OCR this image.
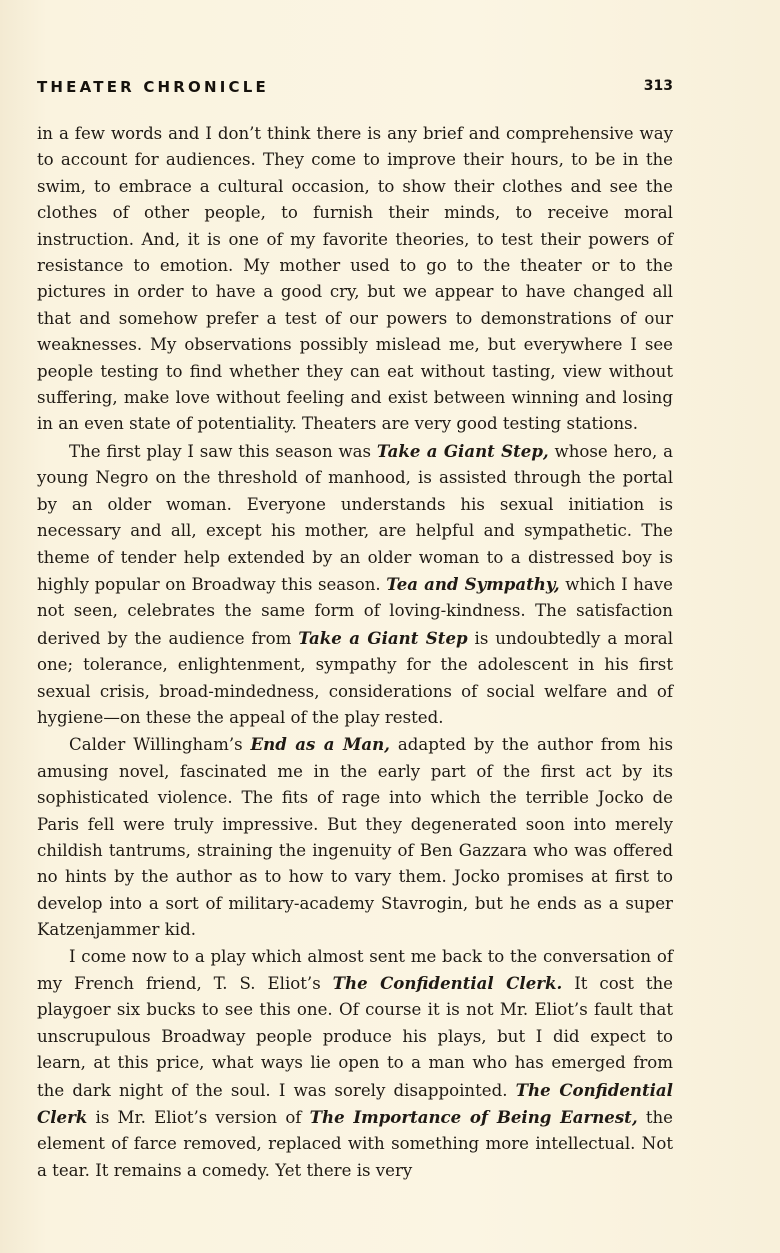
THEATER CHRONICLE	313

in a few words and I don’t think there is any brief and comprehensive way to account for audiences. They come to improve their hours, to be in the swim, to embrace a cultural occasion, to show their clothes and see the clothes of other people, to furnish their minds, to receive moral instruction. And, it is one of my favorite theories, to test their powers of resistance to emotion. My mother used to go to the theater or to the pictures in order to have a good cry, but we appear to have changed all that and somehow prefer a test of our powers to demonstrations of our weaknesses. My observations possibly mislead me, but everywhere I see people testing to find whether they can eat without tasting, view without suffering, make love without feeling and exist between winning and losing in an even state of potentiality. Theaters are very good testing stations.

The first play I saw this season was Take a Giant Step, whose hero, a young Negro on the threshold of manhood, is assisted through the portal by an older woman. Everyone understands his sexual initiation is necessary and all, except his mother, are helpful and sympathetic. The theme of tender help extended by an older woman to a distressed boy is highly popular on Broadway this season. Tea and Sympathy, which I have not seen, celebrates the same form of loving-kindness. The satisfaction derived by the audience from Take a Giant Step is undoubtedly a moral one; tolerance, enlightenment, sympathy for the adolescent in his first sexual crisis, broad-mindedness, considerations of social welfare and of hygiene—on these the appeal of the play rested.

Calder Willingham’s End as a Man, adapted by the author from his amusing novel, fascinated me in the early part of the first act by its sophisticated violence. The fits of rage into which the terrible Jocko de Paris fell were truly impressive. But they degenerated soon into merely childish tantrums, straining the ingenuity of Ben Gazzara who was offered no hints by the author as to how to vary them. Jocko promises at first to develop into a sort of military-academy Stavrogin, but he ends as a super Katzenjammer kid.

I come now to a play which almost sent me back to the conversation of my French friend, T. S. Eliot’s The Confidential Clerk. It cost the playgoer six bucks to see this one. Of course it is not Mr. Eliot’s fault that unscrupulous Broadway people produce his plays, but I did expect to learn, at this price, what ways lie open to a man who has emerged from the dark night of the soul. I was sorely disappointed. The Confidential Clerk is Mr. Eliot’s version of The Importance of Being Earnest, the element of farce removed, replaced with something more intellectual. Not a tear. It remains a comedy. Yet there is very
